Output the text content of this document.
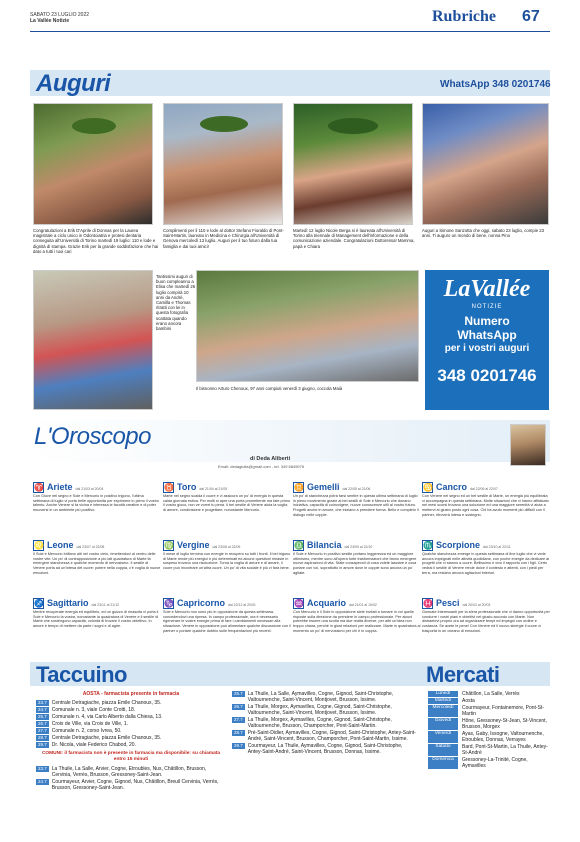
SABATO 23 LUGLIO 2022
La Vallée Notizie	Rubriche 67
Auguri	WhatsApp 348 0201746
Congratulazioni a Erik D'Aprile di Donnas per la Laurea magistrale a ciclo unico in Odontoiatria e protesi dentaria conseguita all'Università di Torino martedì 19 luglio: 110 e lode e dignità di stampa. Grazie Erik per la grande soddisfazione che hai dato a tutti i tuoi cari
Complimenti per il 110 e lode al dottor Stefano Fioraldo di Pont-Saint-Martin, laureato in Medicina e Chirurgia all'Università di Genova mercoledì 13 luglio. Auguri per il tuo futuro dalla tua famiglia e dai tuoi amici!
Martedì 12 luglio Nicole Berga si è laureata all'Università di Torino alla triennale di Management dell'informazione e della comunicazione aziendale. Congratulazioni Dottoressa! Mamma, papà e Chiara
Auguri a Simone Sanzotta che oggi, sabato 23 luglio, compie 23 anni. Ti auguro un mondo di bene, nonna Pino
Tantissimi auguri di buon compleanno a Elisa che martedì 26 luglio compirà 10 anni da Andrè, Camilla e Thomas ritratti con lei in questa fotografia scattata quando erano ancora bambini
Il bisnonno Arturo Chenoux, 97 anni compiuti venerdì 3 giugno, coccola Maià
LaVallée
NOTIZIE
Numero
WhatsApp
per i vostri auguri
348 0201746
L'Oroscopo
di Deda Aliberti
Email: dedagiulia@gmail.com - tel. 349 6845976
♈ Ariete dal 21/03 al 20/04
Con Giove nel segno e Sole e Mercurio in positivo trigono, l'ultima settimana di luglio vi porta belle opportunità per esprimere in pieno il vostro talento. Anche Venere si fa vicina e interessa le facoltà creative e di poter muoversi in un ambiente più positivo.
♉ Toro dal 21/04 al 21/05
Marte nel segno scalda il cuore e vi assicura un po' di energia in questa calda giornata estiva. Per molti si apre una porta promettente ma fate primo il vostro gioco, non ve vorrei tu pena. Il bel sestile di Venere aiuta la voglia di amore, condivisione e progettare, nonostante Mercurio.
♊ Gemelli dal 22/05 al 21/06
Un po' di stanchezza potrà farsi sentire in questa ultima settimana di luglio in pieno movimento grazie ai bei sestili di Sole e Mercurio che donano iniziativa, capacità di coinvolgere, nuove conoscenze utili al vostro futuro. Progetti anche in amore, che iniziano a prendere forma. Bello e completo il dialogo nelle coppie.
♋ Cancro dal 22/06 al 22/07
Con Venere nel segno ed un bel sestile di Marte, un energia più equilibrata vi accompagna in questa settimana. Molte situazioni che vi hanno affaticato nei mesi scorsi trovano una soluzione ed una maggiore serenità vi aiuta a mettervi al giusto posto ogni cosa. Chi ha avuto momenti più difficili con il partner, ritroverà intesa e sostegno.
♌ Leone dal 23/07 al 22/08
Il Sole e Mercurio brillano alti nel vostro cielo, rimettendovi al centro delle vostre vite. Un po' di contrapposizione a più lati quadratura di Marte fa emergere stanchezza e qualche momento di nervosismo. Il sestile di Venere porta ad un'intesa del cuore: potere nella coppia, c'è voglia di nuove emozioni.
♍ Vergine dal 23/08 al 22/09
Il mese di luglio termina con energie in recupero su tutti i fronti. Il bel trigono di Marte rende più energici e più determinati ed alcune questioni rimaste in sospeso trovano una risoluzione. Torna la voglia di amore e di amare, il cuore può incontrare un'altra cuore. Un po' di vita sociale è più vi farà bene.
♎ Bilancia dal 23/09 al 22/10
Il Sole e Mercurio in positivo sestile portano leggerezza ed un maggiore ottimismo, mentre sono all'opera forte trasformazioni che fanno emergere nuove aspirazioni di vita. State consapevoli di cosa volete lasciare e cosa portare con voi, soprattutto in amore dove le coppie sono ancora un po' agitate.
♏ Scorpione dal 23/10 al 22/11
Qualche stanchezza emerge in questa settimana di fine luglio che vi vede ancora impegnati nelle attività quotidiane, con poche energie da dedicare ai progetti che vi stanno a cuore. Bellissimo e vivo il rapporto con i figli. Certo vedrai il sestile di Venere rende dolce il contesto e attenti, con i piedi per terra, ma restano ancora agitazioni interiori.
♐ Sagittario dal 23/11 al 21/12
Mentre recuperate energia ed equilibrio, ed un guizzo di rinascita vi porta il Sole e Mercurio la vostra, nonostante la quadratura di Venere e il sestile di Marte che sostengono capacità, volontà di trovare il vostro obiettivo. In amore è tempo di mettere da parte i sogni e di agire.
♑ Capricorno dal 22/12 al 20/01
Sole e Mercurio non sono più in opposizione da questa settimana, concedendovi una ripresa. In campo professionale, ora è necessario rigenerare le vostre energie prima di fare i cambiamenti necessari alla situazione. Venere in opposizione può alimentare qualche discussione con il partner o portare qualche dubbio sulle frequentazioni più recenti.
♒ Acquario dal 21/01 al 19/02
Con Mercurio e il Sole in opposizione siete invitati a tornare in voi quelle risposte sulla direzione da prendere in campo professionale. Per alcuni potrebbe essere una svolta ma due realtà diverse, per altri un'idea non troppo chiara, perché in giust relazioni per realizzare. Marte in quadratura al momento un po' di nervosismo per chi è in coppia.
♓ Pesci dal 20/02 al 20/03
Giornate interessanti per la sfera professionale che vi danno opportunità per condurre i vostri piani e obiettivi nel giusto accordo con Marte. Non distraetevi proprio ora ad organizzare tempi ed impegni con ordine e costanza. Se avete le pene! Con Venere ed il nuovo sinergie il cuore vi trasporta in un oceano di emozioni.
Taccuino	Mercati
AOSTA - farmacista presente in farmacia
23.7	Centrale Detragiache, piazza Emile Chanoux, 35.
24.7	Comunale n. 3, viale Conte Crotti, 18.
25.7	Comunale n. 4, via Carlo Alberto dalla Chiesa, 13.
26.7	Croix de Ville, via Croix de Ville, 1.
27.7	Comunale n. 2, corso Ivrea, 50.
28.7	Centrale Detragiache, piazza Emile Chanoux, 35.
29.7	Dr. Nicola, viale Federico Chabod, 20.
COMUNI: il farmacista non è presente in farmacia ma disponibile: su chiamata entro 15 minuti
23.7	La Thuile, La Salle, Arvier, Cogne, Etroubles, Nus, Châtillon, Brusson, Cervinia, Verrès, Brusson, Gressoney-Saint-Jean.
24.7	Courmayeur, Arvier, Cogne, Gignod, Nus, Châtillon, Breuil Cervinia, Verrès, Brusson, Gressoney-Saint-Jean.
25.7	La Thuile, La Salle, Aymavilles, Cogne, Gignod, Saint-Christophe, Valtournenche, Saint-Vincent, Montjovet, Brusson, Issime.
26.7	La Thuile, Morgex, Aymavilles, Cogne, Gignod, Saint-Christophe, Valtournenche, Saint-Vincent, Montjovet, Brusson, Issime.
27.7	La Thuile, Morgex, Aymavilles, Cogne, Gignod, Saint-Christophe, Valtournenche, Brusson, Champorcher, Pont-Saint-Martin.
28.7	Pré-Saint-Didier, Aymavilles, Cogne, Gignod, Saint-Christophe, Antey-Saint-André, Saint-Vincent, Brusson, Champorcher, Pont-Saint-Martin, Issime.
29.7	Courmayeur, La Thuile, Aymavilles, Cogne, Gignod, Saint-Christophe, Antey-Saint-André, Saint-Vincent, Brusson, Donnas, Issime.
Lunedì	Châtillon, La Salle, Verrès
Martedì	Aosta
Mercoledì	Courmayeur, Fontainemore, Pont-St-Martin
Giovedì	Hône, Gressoney-St-Jean, St-Vincent, Brusson, Morgex
Venerdì	Ayas, Gaby, Issogne, Valtournenche, Etroubles, Donnas, Verrayes
Sabato	Bard, Pont-St-Martin, La Thuile, Antey-St-André
Domenica	Gressoney-La-Trinité, Cogne, Aymavilles
